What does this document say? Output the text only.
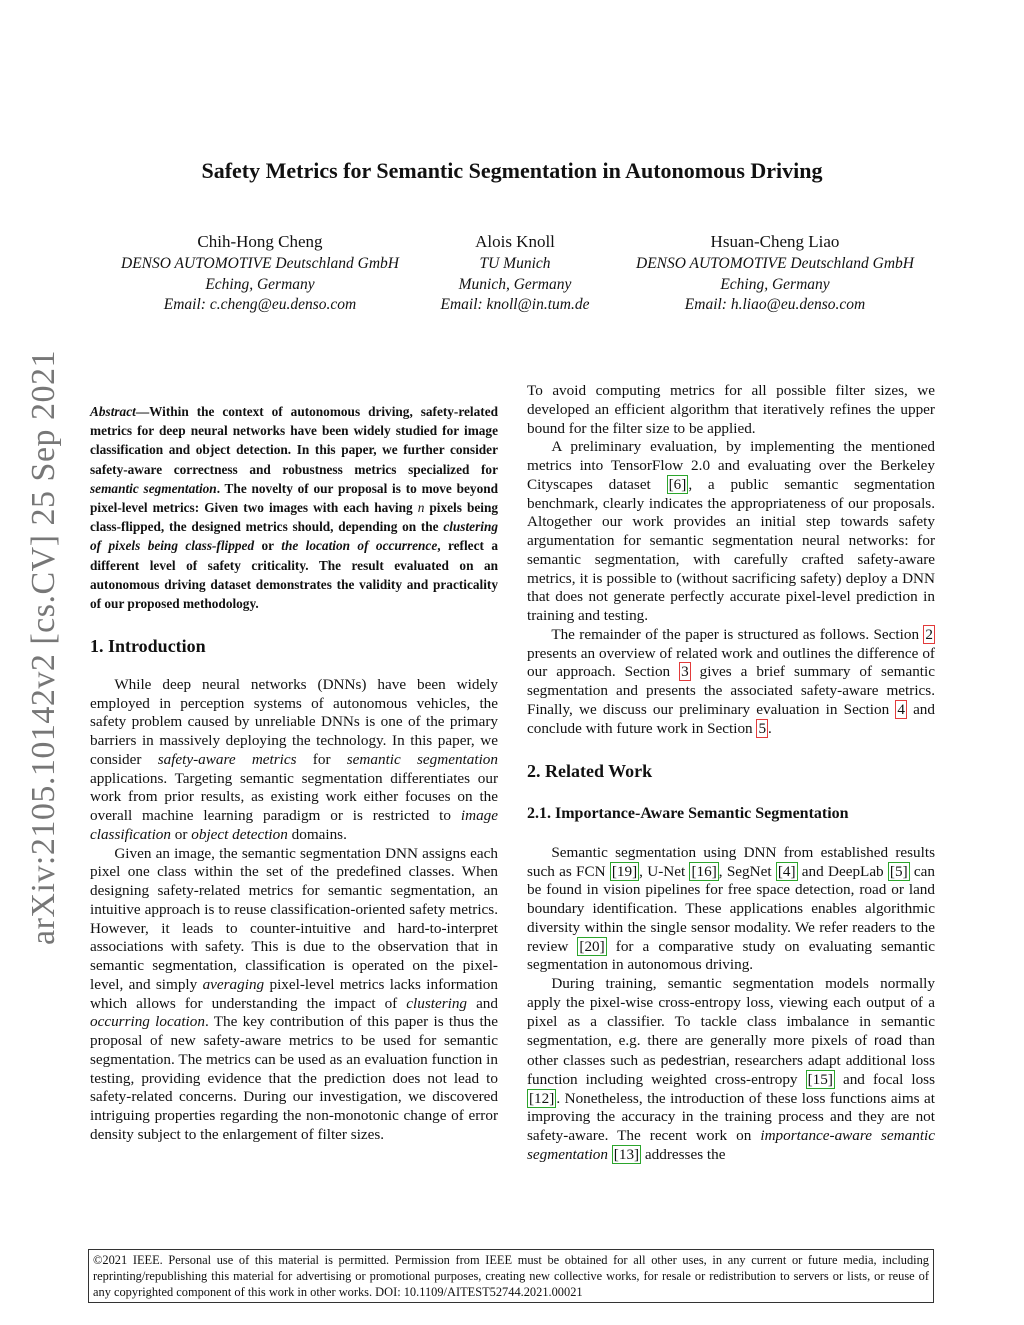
arXiv:2105.10142v2 [cs.CV] 25 Sep 2021
Safety Metrics for Semantic Segmentation in Autonomous Driving
Chih-Hong Cheng
DENSO AUTOMOTIVE Deutschland GmbH
Eching, Germany
Email: c.cheng@eu.denso.com
Alois Knoll
TU Munich
Munich, Germany
Email: knoll@in.tum.de
Hsuan-Cheng Liao
DENSO AUTOMOTIVE Deutschland GmbH
Eching, Germany
Email: h.liao@eu.denso.com
Abstract—Within the context of autonomous driving, safety-related metrics for deep neural networks have been widely studied for image classification and object detection. In this paper, we further consider safety-aware correctness and robustness metrics specialized for semantic segmentation. The novelty of our proposal is to move beyond pixel-level metrics: Given two images with each having n pixels being class-flipped, the designed metrics should, depending on the clustering of pixels being class-flipped or the location of occurrence, reflect a different level of safety criticality. The result evaluated on an autonomous driving dataset demonstrates the validity and practicality of our proposed methodology.
1. Introduction

While deep neural networks (DNNs) have been widely employed in perception systems of autonomous vehicles, the safety problem caused by unreliable DNNs is one of the primary barriers in massively deploying the technology. In this paper, we consider safety-aware metrics for semantic segmentation applications. Targeting semantic segmentation differentiates our work from prior results, as existing work either focuses on the overall machine learning paradigm or is restricted to image classification or object detection domains.

Given an image, the semantic segmentation DNN assigns each pixel one class within the set of the predefined classes. When designing safety-related metrics for semantic segmentation, an intuitive approach is to reuse classification-oriented safety metrics. However, it leads to counter-intuitive and hard-to-interpret associations with safety. This is due to the observation that in semantic segmentation, classification is operated on the pixel-level, and simply averaging pixel-level metrics lacks information which allows for understanding the impact of clustering and occurring location. The key contribution of this paper is thus the proposal of new safety-aware metrics to be used for semantic segmentation. The metrics can be used as an evaluation function in testing, providing evidence that the prediction does not lead to safety-related concerns. During our investigation, we discovered intriguing properties regarding the non-monotonic change of error density subject to the enlargement of filter sizes.

To avoid computing metrics for all possible filter sizes, we developed an efficient algorithm that iteratively refines the upper bound for the filter size to be applied.

A preliminary evaluation, by implementing the mentioned metrics into TensorFlow 2.0 and evaluating over the Berkeley Cityscapes dataset [6] , a public semantic segmentation benchmark, clearly indicates the appropriateness of our proposals. Altogether our work provides an initial step towards safety argumentation for semantic segmentation neural networks: for semantic segmentation, with carefully crafted safety-aware metrics, it is possible to (without sacrificing safety) deploy a DNN that does not generate perfectly accurate pixel-level prediction in training and testing.

The remainder of the paper is structured as follows. Section 2 presents an overview of related work and outlines the difference of our approach. Section 3 gives a brief summary of semantic segmentation and presents the associated safety-aware metrics. Finally, we discuss our preliminary evaluation in Section 4 and conclude with future work in Section 5 .

2. Related Work
2.1. Importance-Aware Semantic Segmentation

Semantic segmentation using DNN from established results such as FCN [19] , U-Net [16] , SegNet [4] and DeepLab [5] can be found in vision pipelines for free space detection, road or land boundary identification. These applications enables algorithmic diversity within the single sensor modality. We refer readers to the review [20] for a comparative study on evaluating semantic segmentation in autonomous driving.

During training, semantic segmentation models normally apply the pixel-wise cross-entropy loss, viewing each output of a pixel as a classifier. To tackle class imbalance in semantic segmentation, e.g. there are generally more pixels of road than other classes such as pedestrian, researchers adapt additional loss function including weighted cross-entropy [15] and focal loss [12] . Nonetheless, the introduction of these loss functions aims at improving the accuracy in the training process and they are not safety-aware. The recent work on importance-aware semantic segmentation [13] addresses the

©2021 IEEE. Personal use of this material is permitted. Permission from IEEE must be obtained for all other uses, in any current or future media, including reprinting/republishing this material for advertising or promotional purposes, creating new collective works, for resale or redistribution to servers or lists, or reuse of any copyrighted component of this work in other works. DOI: 10.1109/AITEST52744.2021.00021
